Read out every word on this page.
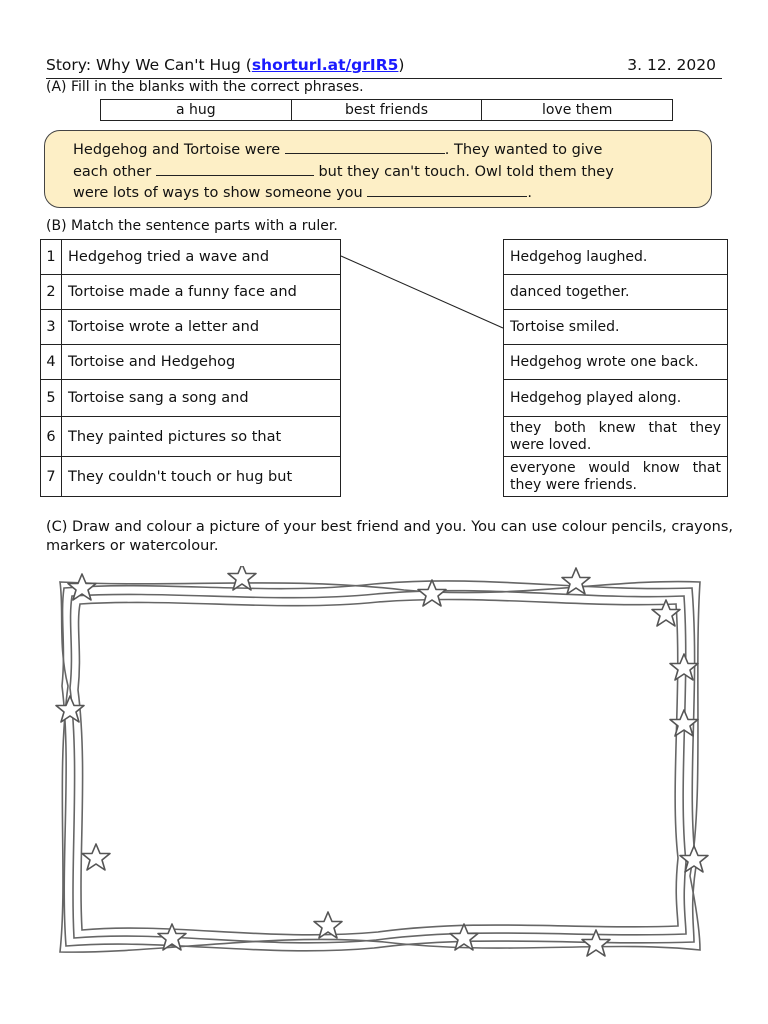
Story: Why We Can't Hug (shorturl.at/grIR5)	3. 12. 2020
(A) Fill in the blanks with the correct phrases.
a hug	best friends	love them
Hedgehog and Tortoise were	. They wanted to give
each other	but they can't touch. Owl told them they
were lots of ways to show someone you	.
(B) Match the sentence parts with a ruler.
1	Hedgehog tried a wave and
2	Tortoise made a funny face and
3	Tortoise wrote a letter and
4	Tortoise and Hedgehog
5	Tortoise sang a song and
6	They painted pictures so that
7	They couldn't touch or hug but
Hedgehog laughed.
danced together.
Tortoise smiled.
Hedgehog wrote one back.
Hedgehog played along.

they both knew that they
were loved.

everyone would know that
they were friends.
(C) Draw and colour a picture of your best friend and you. You can use colour pencils, crayons, markers or watercolour.
